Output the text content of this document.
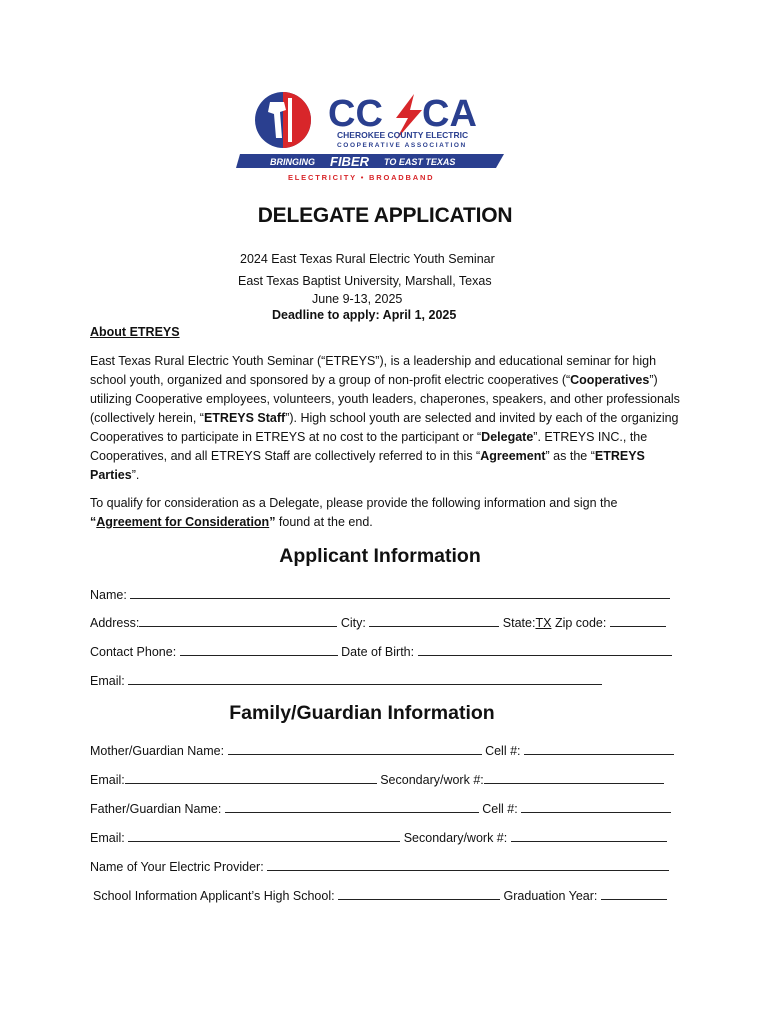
CC CA
CHEROKEE COUNTY ELECTRIC
COOPERATIVE ASSOCIATION
BRINGING FIBER TO EAST TEXAS
ELECTRICITY • BROADBAND
DELEGATE APPLICATION
2024 East Texas Rural Electric Youth Seminar
East Texas Baptist University, Marshall, Texas
June 9-13, 2025
Deadline to apply: April 1, 2025
About ETREYS
East Texas Rural Electric Youth Seminar (“ETREYS”), is a leadership and educational seminar for high school youth, organized and sponsored by a group of non-profit electric cooperatives (“Cooperatives”) utilizing Cooperative employees, volunteers, youth leaders, chaperones, speakers, and other professionals (collectively herein, “ETREYS Staff”). High school youth are selected and invited by each of the organizing Cooperatives to participate in ETREYS at no cost to the participant or “Delegate”. ETREYS INC., the Cooperatives, and all ETREYS Staff are collectively referred to in this “Agreement” as the “ETREYS Parties”.
To qualify for consideration as a Delegate, please provide the following information and sign the “Agreement for Consideration” found at the end.
Applicant Information
Name:
Address:	City:	State:TX Zip code:
Contact Phone:	Date of Birth:
Email:
Family/Guardian Information
Mother/Guardian Name:	Cell #:
Email:	Secondary/work #:
Father/Guardian Name:	Cell #:
Email:	Secondary/work #:
Name of Your Electric Provider:
School Information Applicant’s High School:	Graduation Year:
